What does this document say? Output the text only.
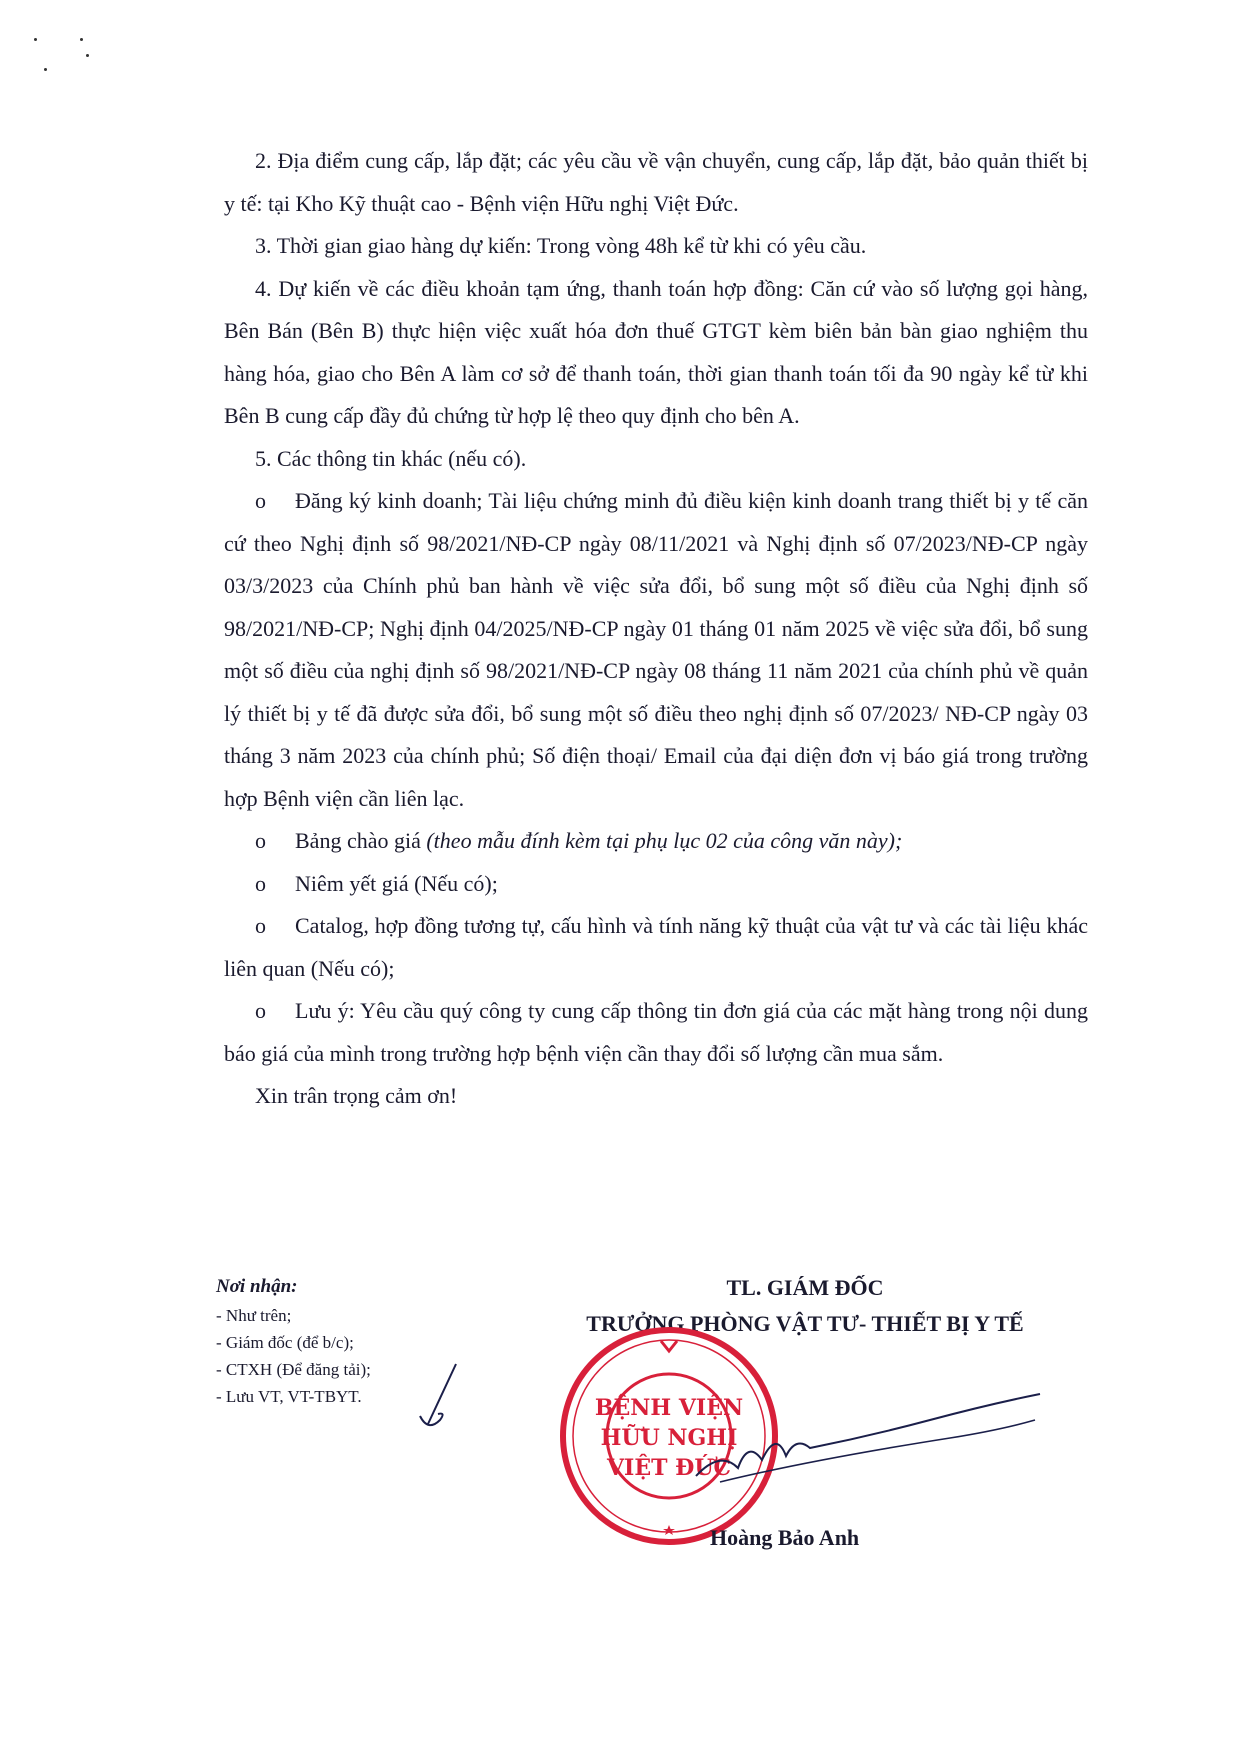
2. Địa điểm cung cấp, lắp đặt; các yêu cầu về vận chuyển, cung cấp, lắp đặt, bảo quản thiết bị y tế: tại Kho Kỹ thuật cao - Bệnh viện Hữu nghị Việt Đức.

3. Thời gian giao hàng dự kiến: Trong vòng 48h kể từ khi có yêu cầu.

4. Dự kiến về các điều khoản tạm ứng, thanh toán hợp đồng: Căn cứ vào số lượng gọi hàng, Bên Bán (Bên B) thực hiện việc xuất hóa đơn thuế GTGT kèm biên bản bàn giao nghiệm thu hàng hóa, giao cho Bên A làm cơ sở để thanh toán, thời gian thanh toán tối đa 90 ngày kể từ khi Bên B cung cấp đầy đủ chứng từ hợp lệ theo quy định cho bên A.

5. Các thông tin khác (nếu có).

o Đăng ký kinh doanh; Tài liệu chứng minh đủ điều kiện kinh doanh trang thiết bị y tế căn cứ theo Nghị định số 98/2021/NĐ-CP ngày 08/11/2021 và Nghị định số 07/2023/NĐ-CP ngày 03/3/2023 của Chính phủ ban hành về việc sửa đổi, bổ sung một số điều của Nghị định số 98/2021/NĐ-CP; Nghị định 04/2025/NĐ-CP ngày 01 tháng 01 năm 2025 về việc sửa đổi, bổ sung một số điều của nghị định số 98/2021/NĐ-CP ngày 08 tháng 11 năm 2021 của chính phủ về quản lý thiết bị y tế đã được sửa đổi, bổ sung một số điều theo nghị định số 07/2023/ NĐ-CP ngày 03 tháng 3 năm 2023 của chính phủ; Số điện thoại/ Email của đại diện đơn vị báo giá trong trường hợp Bệnh viện cần liên lạc.

o Bảng chào giá (theo mẫu đính kèm tại phụ lục 02 của công văn này);

o Niêm yết giá (Nếu có);

o Catalog, hợp đồng tương tự, cấu hình và tính năng kỹ thuật của vật tư và các tài liệu khác liên quan (Nếu có);

o Lưu ý: Yêu cầu quý công ty cung cấp thông tin đơn giá của các mặt hàng trong nội dung báo giá của mình trong trường hợp bệnh viện cần thay đổi số lượng cần mua sắm.

Xin trân trọng cảm ơn!

Nơi nhận:
- Như trên;
- Giám đốc (để b/c);
- CTXH (Để đăng tải);
- Lưu VT, VT-TBYT.
TL. GIÁM ĐỐC
TRƯỞNG PHÒNG VẬT TƯ- THIẾT BỊ Y TẾ
BỆNH VIỆN
HỮU NGHỊ
VIỆT ĐỨC
Hoàng Bảo Anh
